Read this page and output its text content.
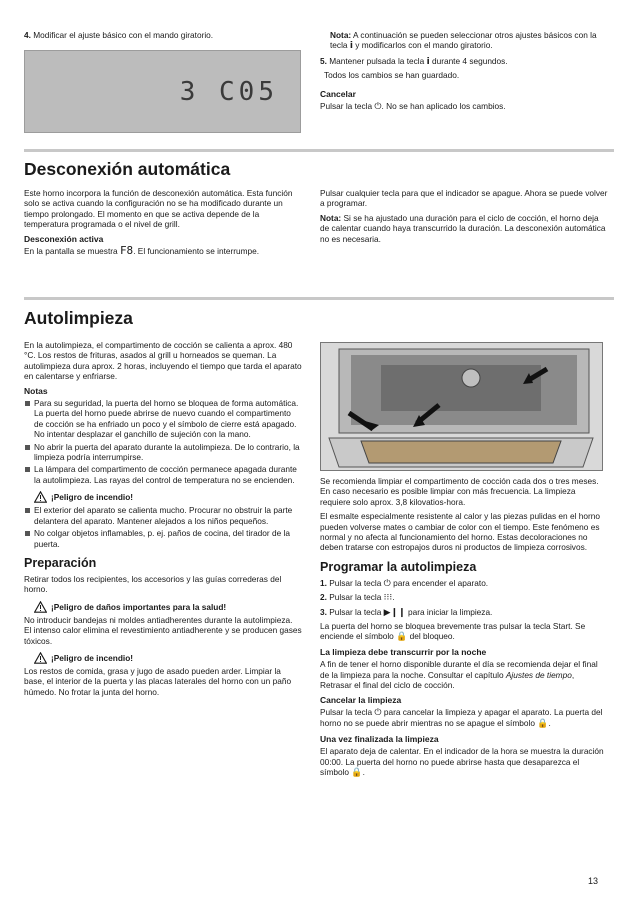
4. Modificar el ajuste básico con el mando giratorio.

3 C05

Nota: A continuación se pueden seleccionar otros ajustes básicos con la tecla i y modificarlos con el mando giratorio.

5. Mantener pulsada la tecla i durante 4 segundos.

Todos los cambios se han guardado.

Cancelar

Pulsar la tecla ⏻. No se han aplicado los cambios.

Desconexión automática

Este horno incorpora la función de desconexión automática. Esta función solo se activa cuando la configuración no se ha modificado durante un tiempo prolongado. El momento en que se activa depende de la temperatura programada o el nivel de grill.

Desconexión activa

En la pantalla se muestra F8. El funcionamiento se interrumpe.

Pulsar cualquier tecla para que el indicador se apague. Ahora se puede volver a programar.

Nota: Si se ha ajustado una duración para el ciclo de cocción, el horno deja de calentar cuando haya transcurrido la duración. La desconexión automática no es necesaria.

Autolimpieza

En la autolimpieza, el compartimento de cocción se calienta a aprox. 480 °C. Los restos de frituras, asados al grill u horneados se queman. La autolimpieza dura aprox. 2 horas, incluyendo el tiempo que tarda el aparato en calentarse y enfriarse.

Notas
Para su seguridad, la puerta del horno se bloquea de forma automática. La puerta del horno puede abrirse de nuevo cuando el compartimento de cocción se ha enfriado un poco y el símbolo de cierre está apagado. No intentar desplazar el ganchillo de sujeción con la mano.
No abrir la puerta del aparato durante la autolimpieza. De lo contrario, la limpieza podría interrumpirse.
La lámpara del compartimento de cocción permanece apagada durante la autolimpieza. Las rayas del control de temperatura no se encienden.
¡Peligro de incendio!
El exterior del aparato se calienta mucho. Procurar no obstruir la parte delantera del aparato. Mantener alejados a los niños pequeños.
No colgar objetos inflamables, p. ej. paños de cocina, del tirador de la puerta.
Preparación

Retirar todos los recipientes, los accesorios y las guías correderas del horno.

¡Peligro de daños importantes para la salud!

No introducir bandejas ni moldes antiadherentes durante la autolimpieza. El intenso calor elimina el revestimiento antiadherente y se producen gases tóxicos.

¡Peligro de incendio!

Los restos de comida, grasa y jugo de asado pueden arder. Limpiar la base, el interior de la puerta y las placas laterales del horno con un paño húmedo. No frotar la junta del horno.

Se recomienda limpiar el compartimento de cocción cada dos o tres meses. En caso necesario es posible limpiar con más frecuencia. La limpieza requiere solo aprox. 3,8 kilovatios-hora.

El esmalte especialmente resistente al calor y las piezas pulidas en el horno pueden volverse mates o cambiar de color con el tiempo. Este fenómeno es normal y no afecta al funcionamiento del horno. Estas decoloraciones no deben tratarse con estropajos duros ni productos de limpieza corrosivos.

Programar la autolimpieza

1. Pulsar la tecla ⏻ para encender el aparato.

2. Pulsar la tecla ⁝⁝⁝.

3. Pulsar la tecla ▶❙❙ para iniciar la limpieza.

La puerta del horno se bloquea brevemente tras pulsar la tecla Start. Se enciende el símbolo 🔒 del bloqueo.

La limpieza debe transcurrir por la noche

A fin de tener el horno disponible durante el día se recomienda dejar el final de la limpieza para la noche. Consultar el capítulo Ajustes de tiempo, Retrasar el final del ciclo de cocción.

Cancelar la limpieza

Pulsar la tecla ⏻ para cancelar la limpieza y apagar el aparato. La puerta del horno no se puede abrir mientras no se apague el símbolo 🔒.

Una vez finalizada la limpieza

El aparato deja de calentar. En el indicador de la hora se muestra la duración 00:00. La puerta del horno no puede abrirse hasta que desaparezca el símbolo 🔒.

13
